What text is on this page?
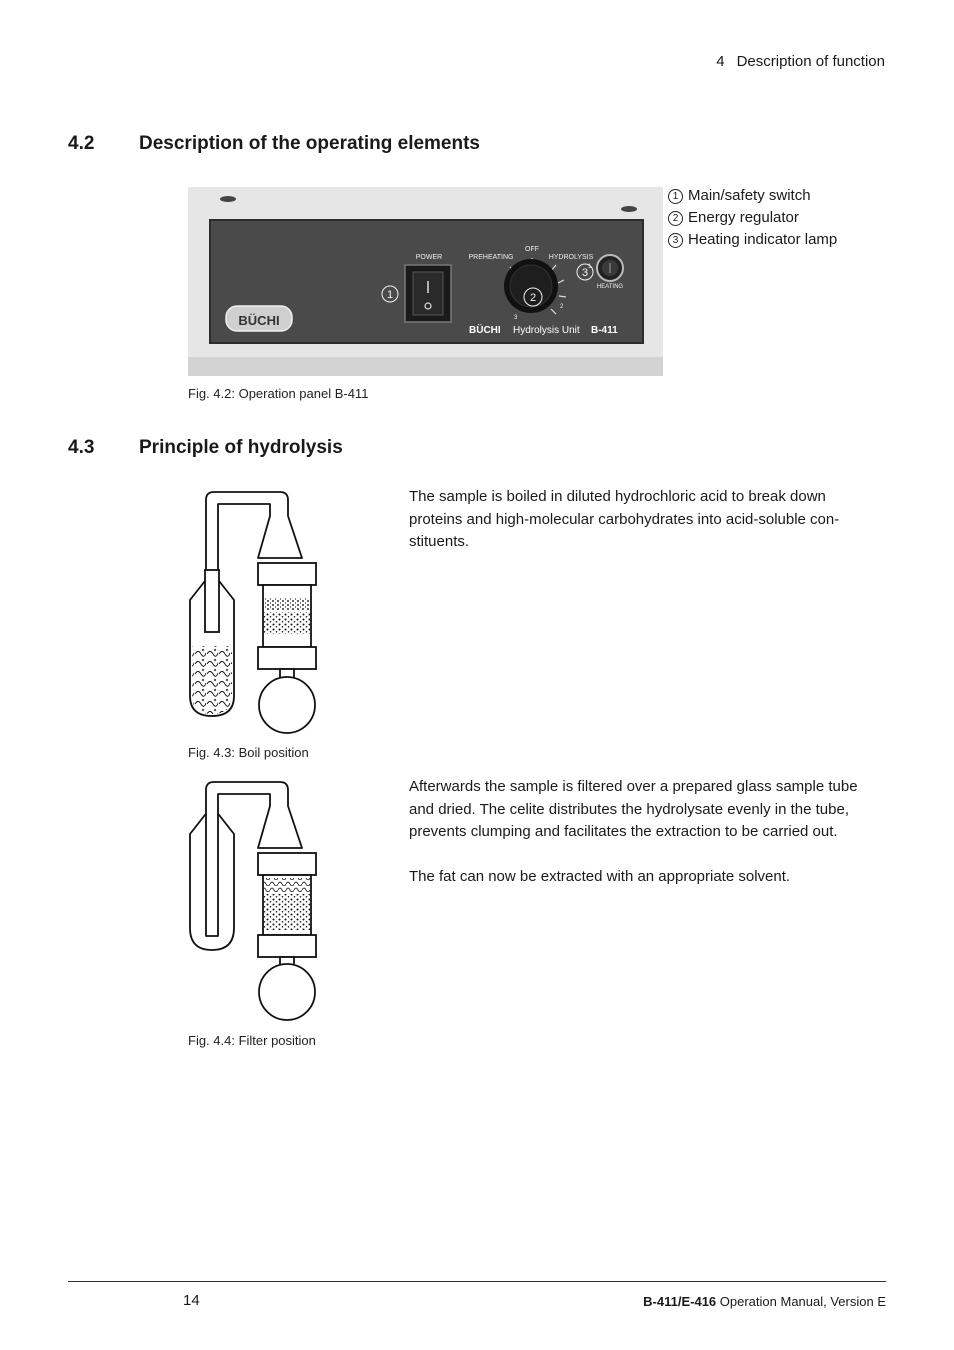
4 Description of function
4.2 Description of the operating elements
BÜCHI
POWER
1
PREHEATING
OFF
HYDROLYSIS
1
2
3
2
3
HEATING
BÜCHI Hydrolysis Unit B-411
1 Main/safety switch
2 Energy regulator
3 Heating indicator lamp
Fig. 4.2: Operation panel B-411
4.3 Principle of hydrolysis
The sample is boiled in diluted hydrochloric acid to break down proteins and high-molecular carbohydrates into acid-soluble con-stituents.
Fig. 4.3: Boil position
Afterwards the sample is filtered over a prepared glass sample tube and dried. The celite distributes the hydrolysate evenly in the tube, prevents clumping and facilitates the extraction to be carried out.
The fat can now be extracted with an appropriate solvent.
Fig. 4.4: Filter position
14	B-411/E-416 Operation Manual, Version E
